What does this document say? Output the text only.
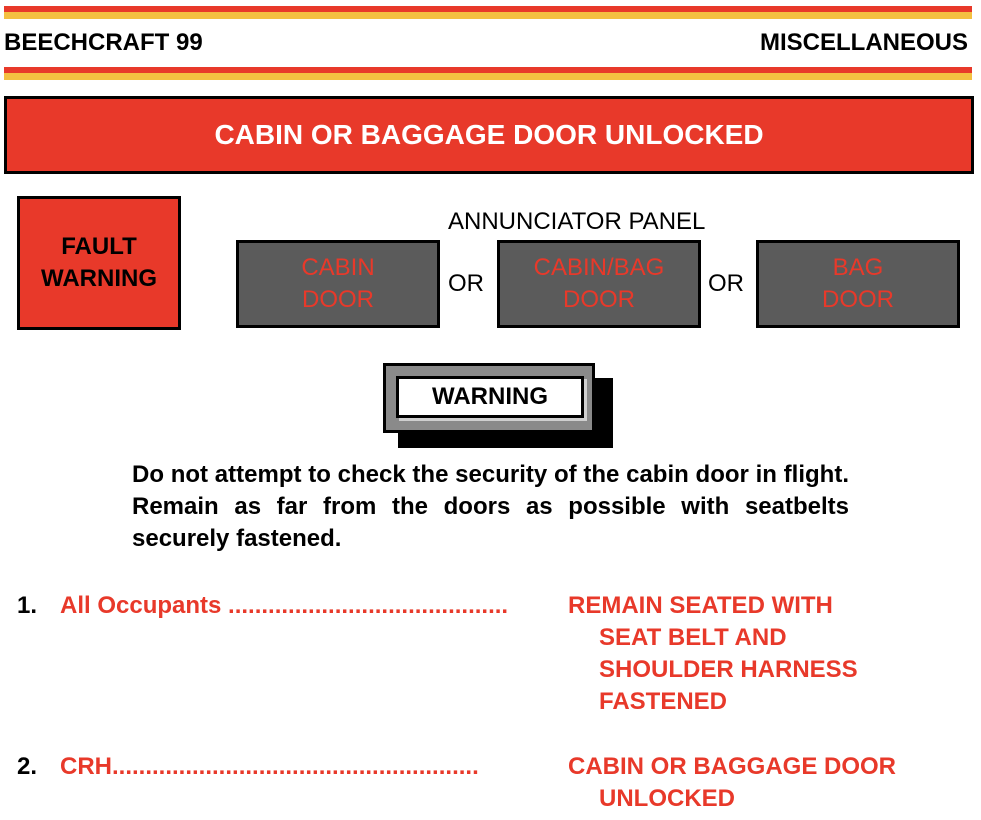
BEECHCRAFT 99	MISCELLANEOUS
CABIN OR BAGGAGE DOOR UNLOCKED
FAULT
WARNING
ANNUNCIATOR PANEL
CABIN
DOOR
OR
CABIN/BAG
DOOR
OR
BAG
DOOR
WARNING
Do not attempt to check the security of the cabin door in flight. Remain as far from the doors as possible with seatbelts securely fastened.
1. All Occupants ..........................................	REMAIN SEATED WITH
SEAT BELT AND
SHOULDER HARNESS
FASTENED
2. CRH.......................................................	CABIN OR BAGGAGE DOOR
UNLOCKED
